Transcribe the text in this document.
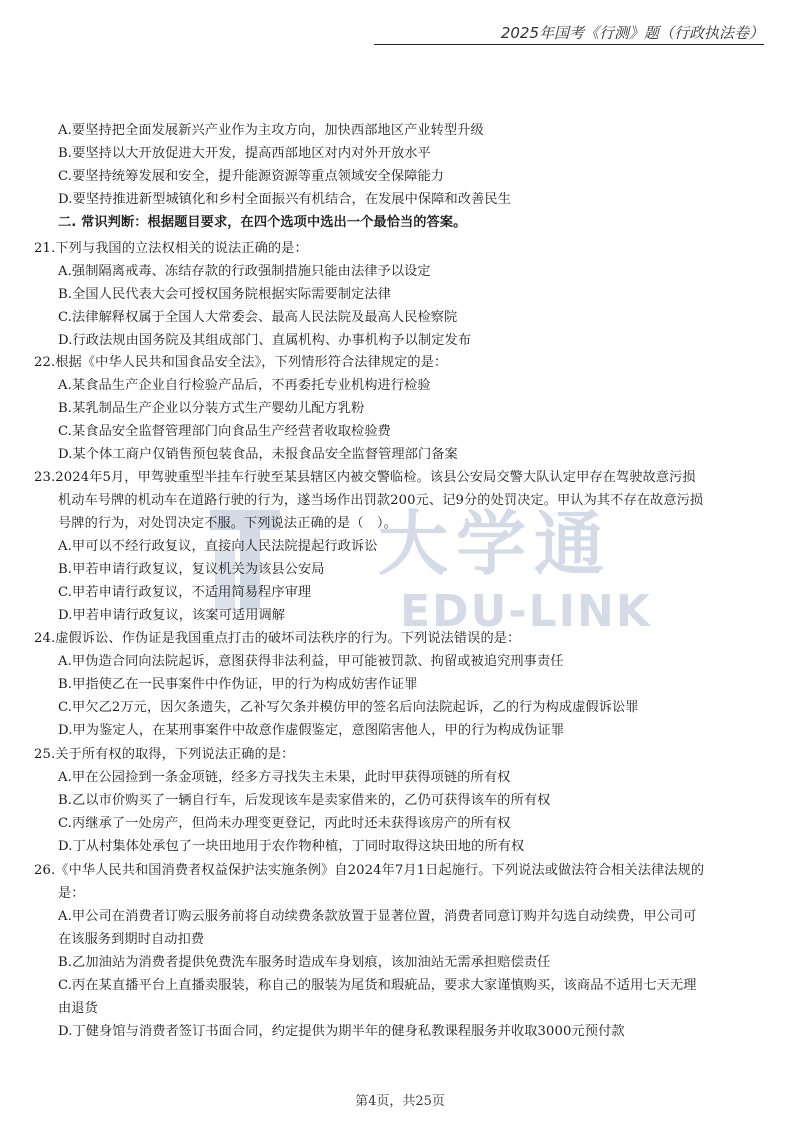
2025年国考《行测》题（行政执法卷）
大学通
EDU-LINK
A.要坚持把全面发展新兴产业作为主攻方向，加快西部地区产业转型升级
B.要坚持以大开放促进大开发，提高西部地区对内对外开放水平
C.要坚持统筹发展和安全，提升能源资源等重点领域安全保障能力
D.要坚持推进新型城镇化和乡村全面振兴有机结合，在发展中保障和改善民生
二. 常识判断：根据题目要求，在四个选项中选出一个最恰当的答案。
21.下列与我国的立法权相关的说法正确的是：
A.强制隔离戒毒、冻结存款的行政强制措施只能由法律予以设定
B.全国人民代表大会可授权国务院根据实际需要制定法律
C.法律解释权属于全国人大常委会、最高人民法院及最高人民检察院
D.行政法规由国务院及其组成部门、直属机构、办事机构予以制定发布
22.根据《中华人民共和国食品安全法》，下列情形符合法律规定的是：
A.某食品生产企业自行检验产品后，不再委托专业机构进行检验
B.某乳制品生产企业以分装方式生产婴幼儿配方乳粉
C.某食品安全监督管理部门向食品生产经营者收取检验费
D.某个体工商户仅销售预包装食品，未报食品安全监督管理部门备案
23.2024年5月，甲驾驶重型半挂车行驶至某县辖区内被交警临检。该县公安局交警大队认定甲存在驾驶故意污损
机动车号牌的机动车在道路行驶的行为，遂当场作出罚款200元、记9分的处罚决定。甲认为其不存在故意污损
号牌的行为，对处罚决定不服。下列说法正确的是（　）。
A.甲可以不经行政复议，直接向人民法院提起行政诉讼
B.甲若申请行政复议，复议机关为该县公安局
C.甲若申请行政复议，不适用简易程序审理
D.甲若申请行政复议，该案可适用调解
24.虚假诉讼、作伪证是我国重点打击的破坏司法秩序的行为。下列说法错误的是：
A.甲伪造合同向法院起诉，意图获得非法利益，甲可能被罚款、拘留或被追究刑事责任
B.甲指使乙在一民事案件中作伪证，甲的行为构成妨害作证罪
C.甲欠乙2万元，因欠条遗失，乙补写欠条并模仿甲的签名后向法院起诉，乙的行为构成虚假诉讼罪
D.甲为鉴定人，在某刑事案件中故意作虚假鉴定，意图陷害他人，甲的行为构成伪证罪
25.关于所有权的取得，下列说法正确的是：
A.甲在公园捡到一条金项链，经多方寻找失主未果，此时甲获得项链的所有权
B.乙以市价购买了一辆自行车，后发现该车是卖家借来的，乙仍可获得该车的所有权
C.丙继承了一处房产，但尚未办理变更登记，丙此时还未获得该房产的所有权
D.丁从村集体处承包了一块田地用于农作物种植，丁同时取得这块田地的所有权
26.《中华人民共和国消费者权益保护法实施条例》自2024年7月1日起施行。下列说法或做法符合相关法律法规的
是：
A.甲公司在消费者订购云服务前将自动续费条款放置于显著位置，消费者同意订购并勾选自动续费，甲公司可
在该服务到期时自动扣费
B.乙加油站为消费者提供免费洗车服务时造成车身划痕，该加油站无需承担赔偿责任
C.丙在某直播平台上直播卖服装，称自己的服装为尾货和瑕疵品，要求大家谨慎购买，该商品不适用七天无理
由退货
D.丁健身馆与消费者签订书面合同，约定提供为期半年的健身私教课程服务并收取3000元预付款
第4页，共25页
